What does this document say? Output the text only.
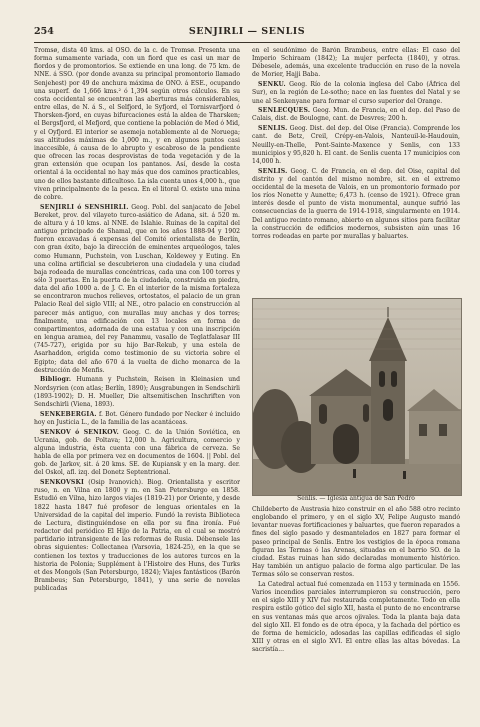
254	SENJIRLI — SENLIS

Tromsø, dista 40 kms. al OSO. de la c. de Tromsø. Presenta una forma sumamente variada, con un fiord que es casi un mar de fiordos y de promontorios. Se extiende en una long. de 75 km. de NNE. á SSO. (por donde avanza su principal promontorio llamado Senjehest) por 49 de anchura máxima de ONO. á ESE., ocupando una superf. de 1,666 kms.² ó 1,394 según otros cálculos. En su costa occidental se encuentran las aberturas más considerables, entre ellas, de N. á S., el Selfjord, le Syfjord, el Tornisvarfjord ó Thorsken-fjord, en cuyas bifurcaciones está la aldea de Tharsken; el Bergsfjord, el Mefjord, que contiene la población de Med ó Mid, y el Oyfjord. El interior se asemeja notablemente al de Noruega; sus altitudes máximas de 1,000 m., y en algunos puntos casi inaccesible, á causa de lo abrupto y escabroso de la pendiente que ofrecen las rocas desprovistas de toda vegetación y de la gran extensión que ocupan los pantanos. Así, desde la costa oriental á la occidental no hay más que dos caminos practicables, uno de ellos bastante dificultoso. La isla cuenta unos 4,000 h., que viven principalmente de la pesca. En el litoral O. existe una mina de cobre.

SENJIRLI ó SENSHIRLI. Geog. Pobl. del sanjacato de Jebel Bereket, prov. del vilayeto turco-asiático de Adana, sit. á 520 m. de altura y á 10 kms. al NNE. de Islahie. Ruinas de la capital del antiguo principado de Shamal, que en los años 1888-94 y 1902 fueron excavadas á expensas del Comité orientalista de Berlín, con gran éxito, bajo la dirección de eminentes arqueólogos, tales como Humann, Puchstein, von Luschan, Koldewey y Euting. En una colina artificial se descubrieron una ciudadela y una ciudad baja rodeada de murallas concéntricas, cada una con 100 torres y sólo 3 puertas. En la puerta de la ciudadela, construida en piedra, data del año 1000 a. de J. C. En el interior de la misma fortaleza se encontraron muchos relieves, ortostatos, el palacio de un gran Palacio Real del siglo VIII; al NE., otro palacio en construcción al parecer más antiguo, con murallas muy anchas y dos torres; finalmente, una edificación con 13 locales en forma de compartimentos, adornada de una estatua y con una inscripción en lengua aramea, del rey Panammu, vasallo de Teglatfalasar III (745-727), erigida por su hijo Bar-Rekub, y una estela de Asarhaddon, erigida como testimonio de su victoria sobre el Egipto; data del año 670 á la vuelta de dicho monarca de la destrucción de Menfis.

Bibliogr. Humann y Puchstein, Reisen in Kleinasien und Nordsyrien (con atlas; Berlín, 1890); Ausgrabungen in Sendschirli (1893-1902); D. H. Mueller, Die altsemitischen Inschriften von Sendschirli (Viena, 1893).

SENKEBERGIA. f. Bot. Género fundado por Necker é incluido hoy en Justicia L., de la familia de las acantáceas.

SENKOV ó SENIKOV. Geog. C. de la Unión Soviética, en Ucrania, gob. de Poltava; 12,000 h. Agricultura, comercio y alguna industria, ésta cuenta con una fábrica de cerveza. Se habla de ella por primera vez en documentos de 1604. || Pobl. del gob. de Jarkov, sit. á 20 kms. SE. de Kupiansk y en la marg. der. del Oskol, afl. izq. del Donetz Septentrional.

SENKOVSKI (Osip Ivanovich). Biog. Orientalista y escritor ruso, n. en Vilna en 1800 y m. en San Petersburgo en 1858. Estudió en Vilna, hizo largos viajes (1819-21) por Oriente, y desde 1822 hasta 1847 fué profesor de lenguas orientales en la Universidad de la capital del imperio. Fundó la revista Biblioteca de Lectura, distinguiéndose en ella por su fina ironía. Fué redactor del periódico El Hijo de la Patria, en el cual se mostró partidario intransigente de las reformas de Rusia. Débensele las obras siguientes: Collectanea (Varsovia, 1824-25), en la que se contienen los textos y traducciones de los autores turcos en la historia de Polonia; Supplément à l'Histoire des Huns, des Turks et des Mongols (San Petersburgo, 1824); Viajes fantásticos (Barón Brambeus; San Petersburgo, 1841), y una serie de novelas publicadas

en el seudónimo de Barón Brambeus, entre ellas: El caso del Imperio Schiraam (1842); La mujer perfecta (1840), y otras. Débesele, además, una excelente traducción en ruso de la novela de Morier, Hajji Baba.

SENKU. Geog. Río de la colonia inglesa del Cabo (África del Sur), en la región de Le-sotho; nace en las fuentes del Natal y se une al Senkenyane para formar el curso superior del Orange.

SENLECQUES. Geog. Mun. de Francia, en el dep. del Paso de Calais, dist. de Boulogne, cant. de Desvres; 200 h.

SENLIS. Geog. Dist. del dep. del Oise (Francia). Comprende los cant. de Betz, Creil, Crépy-en-Valois, Nanteuil-le-Haudouin, Neuilly-en-Thelle, Pont-Sainte-Maxence y Senlis, con 133 municipios y 95,820 h. El cant. de Senlis cuenta 17 municipios con 14,000 h.

SENLIS. Geog. C. de Francia, en el dep. del Oise, capital del distrito y del cantón del mismo nombre, sit. en el extremo occidental de la meseta de Valois, en un promontorio formado por los ríos Nonette y Aunette; 6,473 h. (censo de 1921). Ofrece gran interés desde el punto de vista monumental, aunque sufrió las consecuencias de la guerra de 1914-1918, singularmente en 1914. Del antiguo recinto romano, abierto en algunos sitios para facilitar la construcción de edificios modernos, subsisten aún unas 16 torres rodeadas en parte por murallas y baluartes.

Senlis. — Iglesia antigua de San Pedro

Childeberto de Austrasia hizo construir en el año 588 otro recinto englobando el primero, y en el siglo XV, Felipe Augusto mandó levantar nuevas fortificaciones y baluartes, que fueron reparados a fines del siglo pasado y desmantelados en 1827 para formar el paseo principal de Senlis. Entre los vestigios de la época romana figuran las Termas ó las Arenas, situadas en el barrio SO. de la ciudad. Estas ruinas han sido declaradas monumento histórico. Hay también un antiguo palacio de forma algo particular. De las Termas sólo se conservan restos.

La Catedral actual fué comenzada en 1153 y terminada en 1556. Varios incendios parciales interrumpieron su construcción, pero en el siglo XIII y XIV fué restaurada completamente. Todo en ella respira estilo gótico del siglo XII, hasta el punto de no encontrarse en sus ventanas más que arcos ojivales. Toda la planta baja data del siglo XII. El fondo es de otra época, y la fachada del pórtico es de forma de hemiciclo, adosadas las capillas edificadas el siglo XIII y otras en el siglo XVI. El entre ellas las altas bóvedas. La sacristía...
